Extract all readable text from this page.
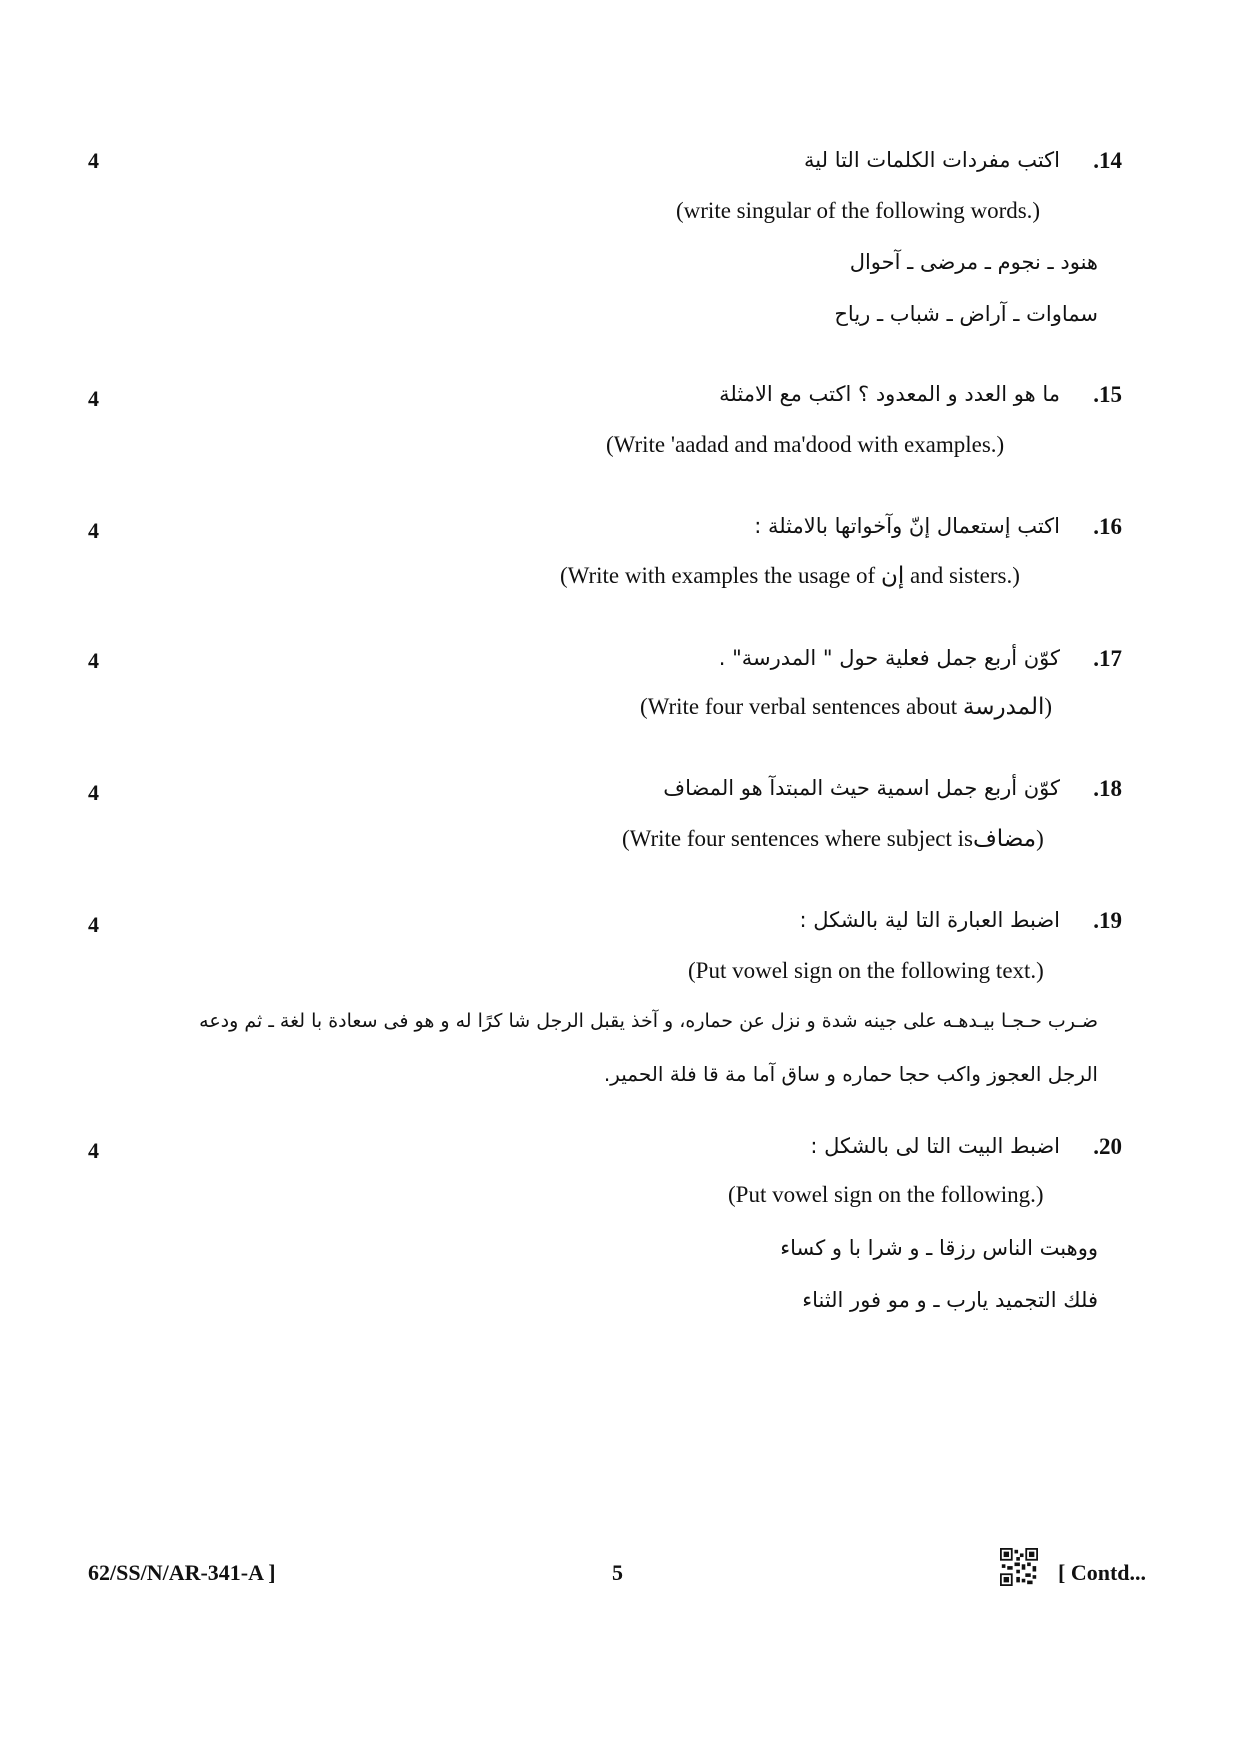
4	.14
اكتب مفردات الكلمات التا لية
(write singular of the following words.)
هنود ـ نجوم ـ مرضى ـ آحوال
سماوات ـ آراض ـ شباب ـ رياح
4	.15
ما هو العدد و المعدود ؟ اكتب مع الامثلة
(Write 'aadad and ma'dood with examples.)
4	.16
اكتب إستعمال إنّ وآخواتها بالامثلة :
(Write with examples the usage of إن and sisters.)
4	.17
كوّن أربع جمل فعلية حول " المدرسة" .
(Write four verbal sentences about المدرسة)
4	.18
كوّن أربع جمل اسمية حيث المبتدآ هو المضاف
(Write four sentences where subject isمضاف)
4	.19
اضبط العبارة التا لية بالشكل :
(Put vowel sign on the following text.)
ضـرب حـجـا بيـدهـه على جينه شدة و نزل عن حماره، و آخذ يقبل الرجل شا كرًا له و هو فى سعادة با لغة ـ ثم ودعه
الرجل العجوز واكب حجا حماره و ساق آما مة قا فلة الحمير.
4	.20
اضبط البيت التا لى بالشكل :
(Put vowel sign on the following.)
ووهبت الناس رزقا ـ و شرا با و كساء
فلك التجميد يارب ـ و مو فور الثناء
62/SS/N/AR-341-A ]	5	[ Contd...
